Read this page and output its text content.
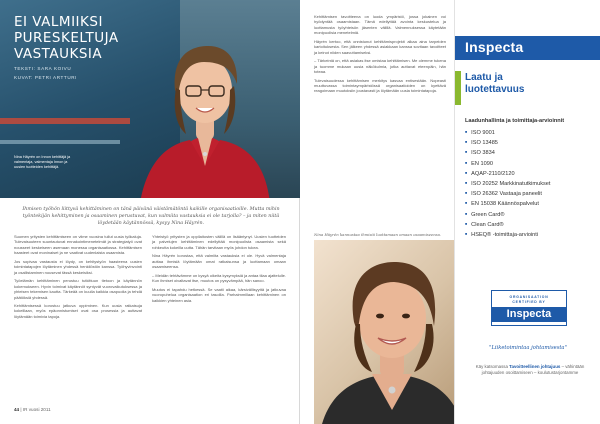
EI VALMIIKSI
PURESKELTUJA
VASTAUKSIA
TEKSTI: SARA KOIVU
KUVAT: PETRI ARTTURI
Nina Häyrén on Innon kehittäjä ja valmentaja, valmentaja Innon ja uusien tuotteiden kehittäjä.
Ihmisen työhön liittyvä kehittäminen on tänä päivänä väistämätöntä kaikille organisaatioille. Mutta mihin työntekijän kehittyminen ja osaaminen perustuvat, kun valmiita vastauksia ei ole tarjolla? – ja miten niitä löydetään käytännössä, kysyy Nina Häyrén.

Suomen yritysten kehittämiseen on viime vuosina tullut uusia työkaluja. Tulevaisuuteen suuntautuvat ennakointimenetelmät ja strategiatyö ovat nousseet keskeiseen asemaan monessa organisaatiossa. Kehittämisen haasteet ovat moninaiset ja ne vaativat uudenlaista osaamista.

Jos sopivaa vastausta ei löydy, on kehitystyön haasteena uusien toimintatapojen löytäminen yhdessä henkilöstön kanssa. Työhyvinvointi ja osallistaminen nousevat tässä keskeisiksi.

Työelämän kehittäminen perustuu tutkittuun tietoon ja käytännön kokemukseen. Hyvin toimivat käytännöt syntyvät vuorovaikutuksessa ja yhteisen tekemisen kautta. Tärkeää on kuulla kaikkia osapuolia ja tehdä päätöksiä yhdessä.

Kehittämisessä korostuu jatkuva oppiminen. Kun uusia ratkaisuja kokeillaan, myös epäonnistumiset ovat osa prosessia ja auttavat löytämään toimivia tapoja.

Yhteistyö yritysten ja oppilaitosten välillä on lisääntynyt. Uusien tuotteiden ja palvelujen kehittäminen edellyttää monipuolista osaamista sekä rohkeutta kokeilla uutta. Tähän tarvitaan myös johdon tukea.

Nina Häyrén korostaa, että valmiita vastauksia ei ole. Hyvä valmentaja auttaa ihmisiä löytämään omat ratkaisunsa ja luottamaan omaan osaamiseensa.

– Meidän tehtävämme on kysyä oikeita kysymyksiä ja antaa tilaa ajattelulle. Kun ihmiset oivaltavat itse, muutos on pysyvämpää, hän sanoo.

Muutos ei tapahdu hetkessä. Se vaatii aikaa, kärsivällisyyttä ja jatkuvaa vuoropuhelua organisaation eri tasoilla. Parhaimmillaan kehittäminen on kaikkien yhteinen asia.

44 | IR vuosi 2011

Kehittämisen tavoitteena on luoda ympäristö, jossa jokainen voi hyödyntää osaamistaan. Tämä edellyttää avointa keskustelua ja luottamusta työyhteisön jäsenten välillä. Valmennuksessa käytetään monipuolisia menetelmiä.

Häyrén kertoo, että onnistunut kehittämisprojekti alkaa aina tarpeiden kartoituksesta. Sen jälkeen yhdessä asiakkaan kanssa sovitaan tavoitteet ja keinot niiden saavuttamiseksi.

– Tärkeintä on, että asiakas itse omistaa kehittämisen. Me olemme tukena ja tuomme mukaan uusia näkökulmia, jotka auttavat eteenpäin, hän toteaa.

Tulevaisuudessa kehittämisen merkitys kasvaa entisestään. Nopeasti muuttuvassa toimintaympäristössä organisaatioiden on kyettävä reagoimaan muutoksiin joustavasti ja löytämään uusia toimintatapoja.

Nina Häyrén kannustaa ihmisiä luottamaan omaan osaamiseensa.
Inspecta
Laatu ja
luotettavuus
Laadunhallinta ja toimittaja-arvioinnit
■ ISO 9001
■ ISO 13485
■ ISO 3834
■ EN 1090
■ AQAP-2110/2120
■ ISO 20252 Markkinatutkimukset
■ ISO 26362 Vastaaja paneelit
■ EN 15038 Käännöspalvelut
■ Green Card®
■ Clean Card®
■ HSEQ® -toimittaja-arviointi
ORGANISAATION
CERTIFIED BY
Inspecta
"Liiketoimintaa johtamisesta"
Käy katsomassa Tavoitteellinen johtajuus – vähintään johtajuuden osoittamiseen – koulutustarjontamme
